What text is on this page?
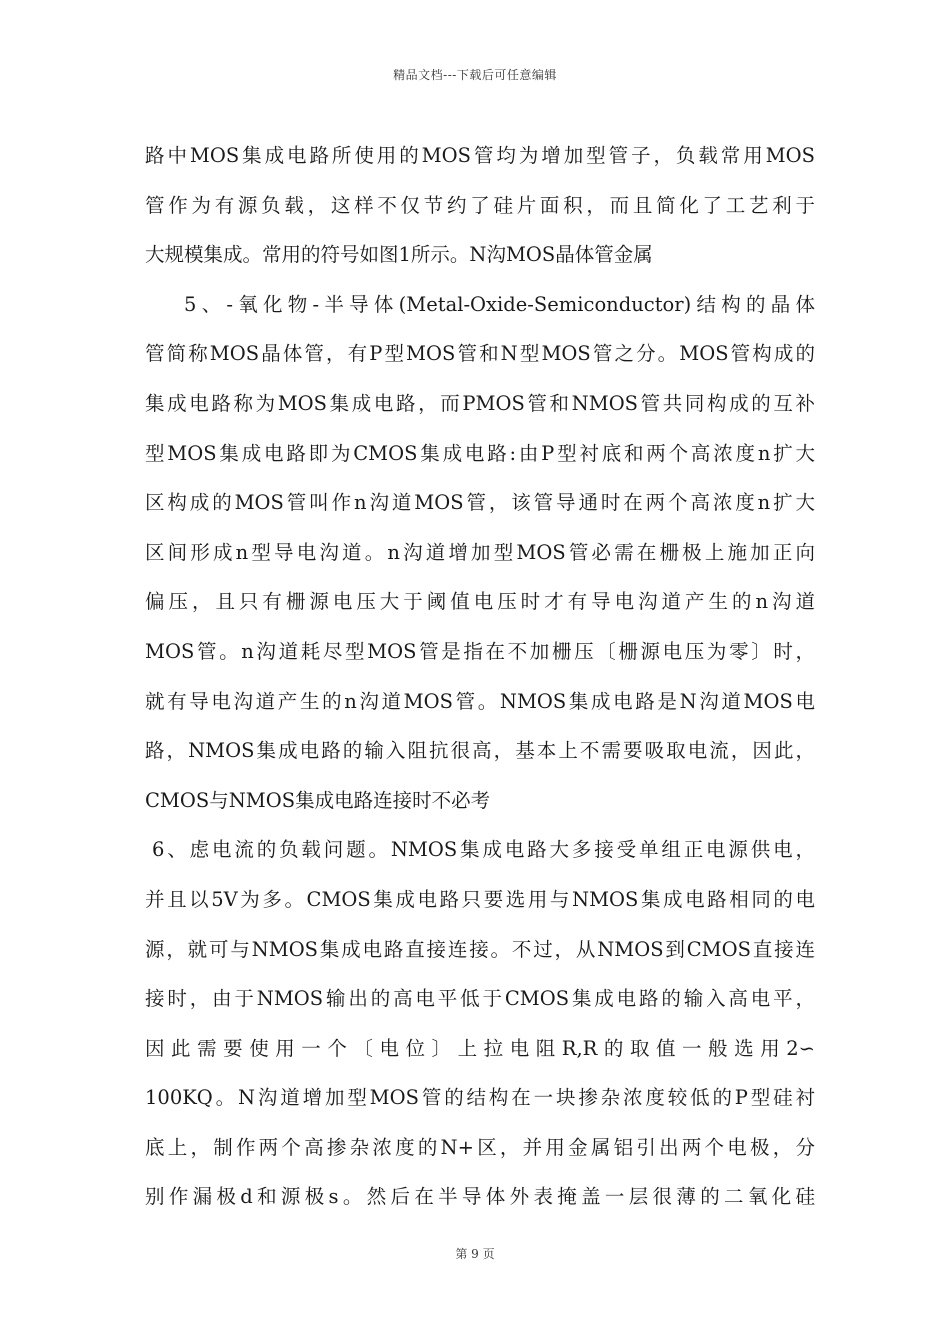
精品文档---下载后可任意编辑
路中MOS集成电路所使用的MOS管均为增加型管子，负载常用MOS
管作为有源负载，这样不仅节约了硅片面积，而且简化了工艺利于
大规模集成。常用的符号如图1所示。N沟MOS晶体管金属
5、-氧化物-半导体(Metal-Oxide-Semiconductor)结构的晶体
管简称MOS晶体管，有P型MOS管和N型MOS管之分。MOS管构成的
集成电路称为MOS集成电路，而PMOS管和NMOS管共同构成的互补
型MOS集成电路即为CMOS集成电路:由P型衬底和两个高浓度n扩大
区构成的MOS管叫作n沟道MOS管，该管导通时在两个高浓度n扩大
区间形成n型导电沟道。n沟道增加型MOS管必需在栅极上施加正向
偏压，且只有栅源电压大于阈值电压时才有导电沟道产生的n沟道
MOS管。n沟道耗尽型MOS管是指在不加栅压〔栅源电压为零〕时，
就有导电沟道产生的n沟道MOS管。NMOS集成电路是N沟道MOS电
路，NMOS集成电路的输入阻抗很高，基本上不需要吸取电流，因此，
CMOS与NMOS集成电路连接时不必考
6、虑电流的负载问题。NMOS集成电路大多接受单组正电源供电，
并且以5V为多。CMOS集成电路只要选用与NMOS集成电路相同的电
源，就可与NMOS集成电路直接连接。不过，从NMOS到CMOS直接连
接时，由于NMOS输出的高电平低于CMOS集成电路的输入高电平，
因此需要使用一个〔电位〕上拉电阻R,R的取值一般选用2∽
100KQ。N沟道增加型MOS管的结构在一块掺杂浓度较低的P型硅衬
底上，制作两个高掺杂浓度的N+区，并用金属铝引出两个电极，分
别作漏极d和源极s。然后在半导体外表掩盖一层很薄的二氧化硅
第 9 页
